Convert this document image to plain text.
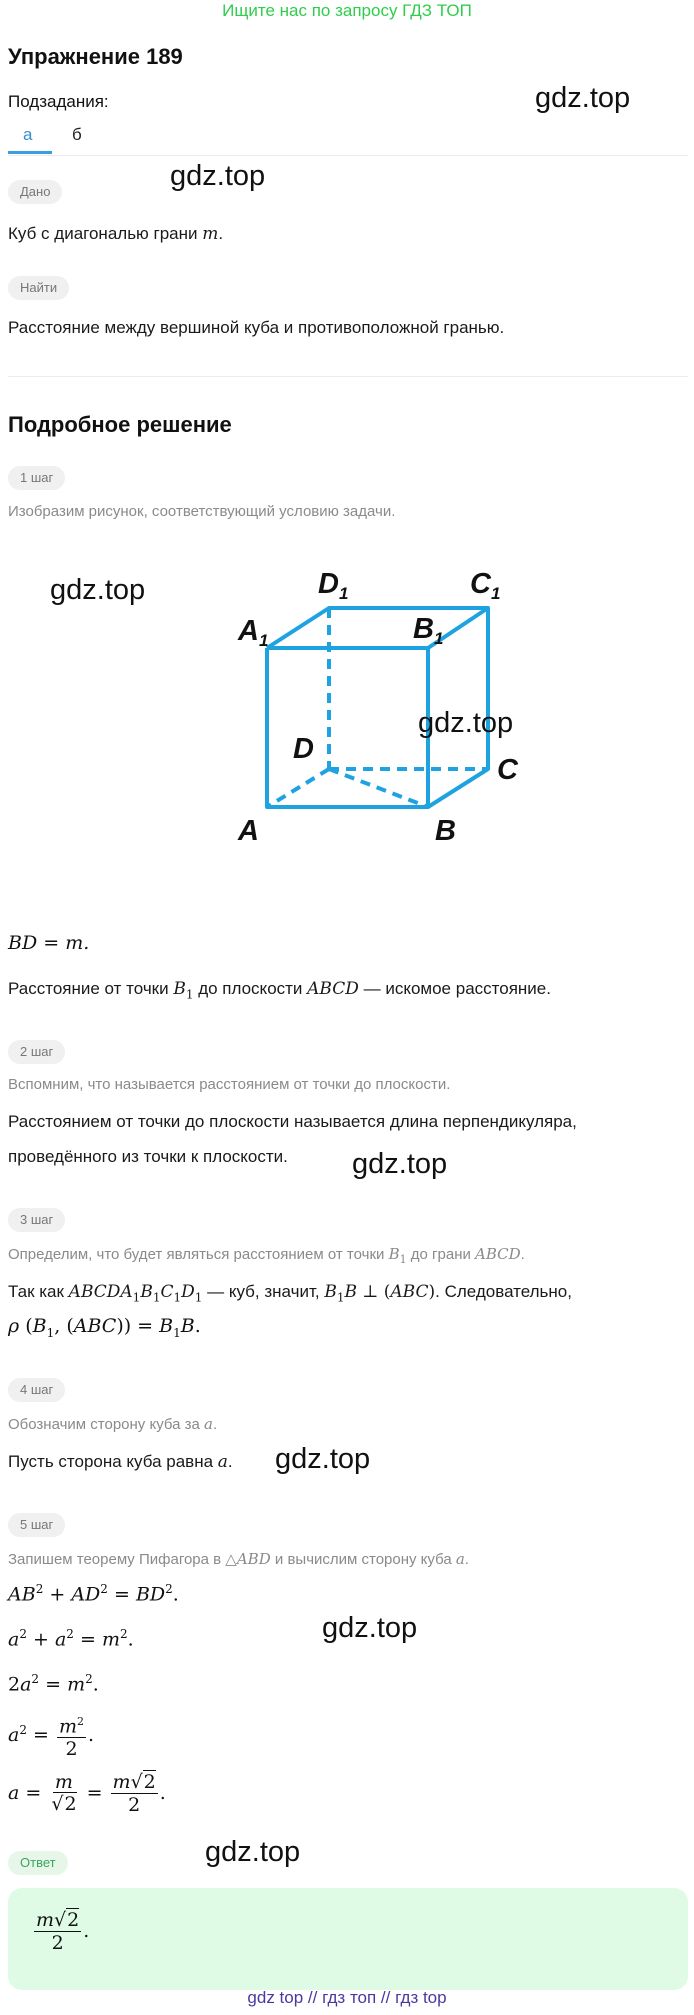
Ищите нас по запросу ГДЗ ТОП
Упражнение 189
gdz.top
Подзадания:
а б
gdz.top
Дано
Куб с диагональю грани m.
Найти
Расстояние между вершиной куба и противоположной гранью.
Подробное решение
1 шаг
Изобразим рисунок, соответствующий условию задачи.
gdz.top
$A_1$
$D_1$	$C_1$
$B_1$
D
C
A	B
gdz.top
BD = m.
Расстояние от точки $B_1$ до плоскости ABCD — искомое расстояние.
2 шаг
Вспомним, что называется расстоянием от точки до плоскости.
Расстоянием от точки до плоскости называется длина перпендикуляра,
проведённого из точки к плоскости. gdz.top
3 шаг
Определим, что будет являться расстоянием от точки $B_1$ до грани ABCD.
Так как $ABCDA_1B_1C_1D_1$ — куб, значит, $B_1B$ ⊥ (ABC). Следовательно,
ρ ($B_1$, $(ABC)) = B_1B$.
4 шаг
Обозначим сторону куба за a.
Пусть сторона куба равна a. gdz.top
5 шаг
Запишем теорему Пифагора в △ABD и вычислим сторону куба a.
$AB^2 + AD^2 = BD^2$.
gdz.top
$a^2 + a^2 = m^2$.
$2a^2 = m^2$.
$a^2 = \frac{m^2}{2}$ .
$a = \frac{m}{√2} = \frac{m√2}{2}$ .
Ответ	gdz.top
$\frac{m√2}{2}$ .
gdz top // гдз топ // гдз top
